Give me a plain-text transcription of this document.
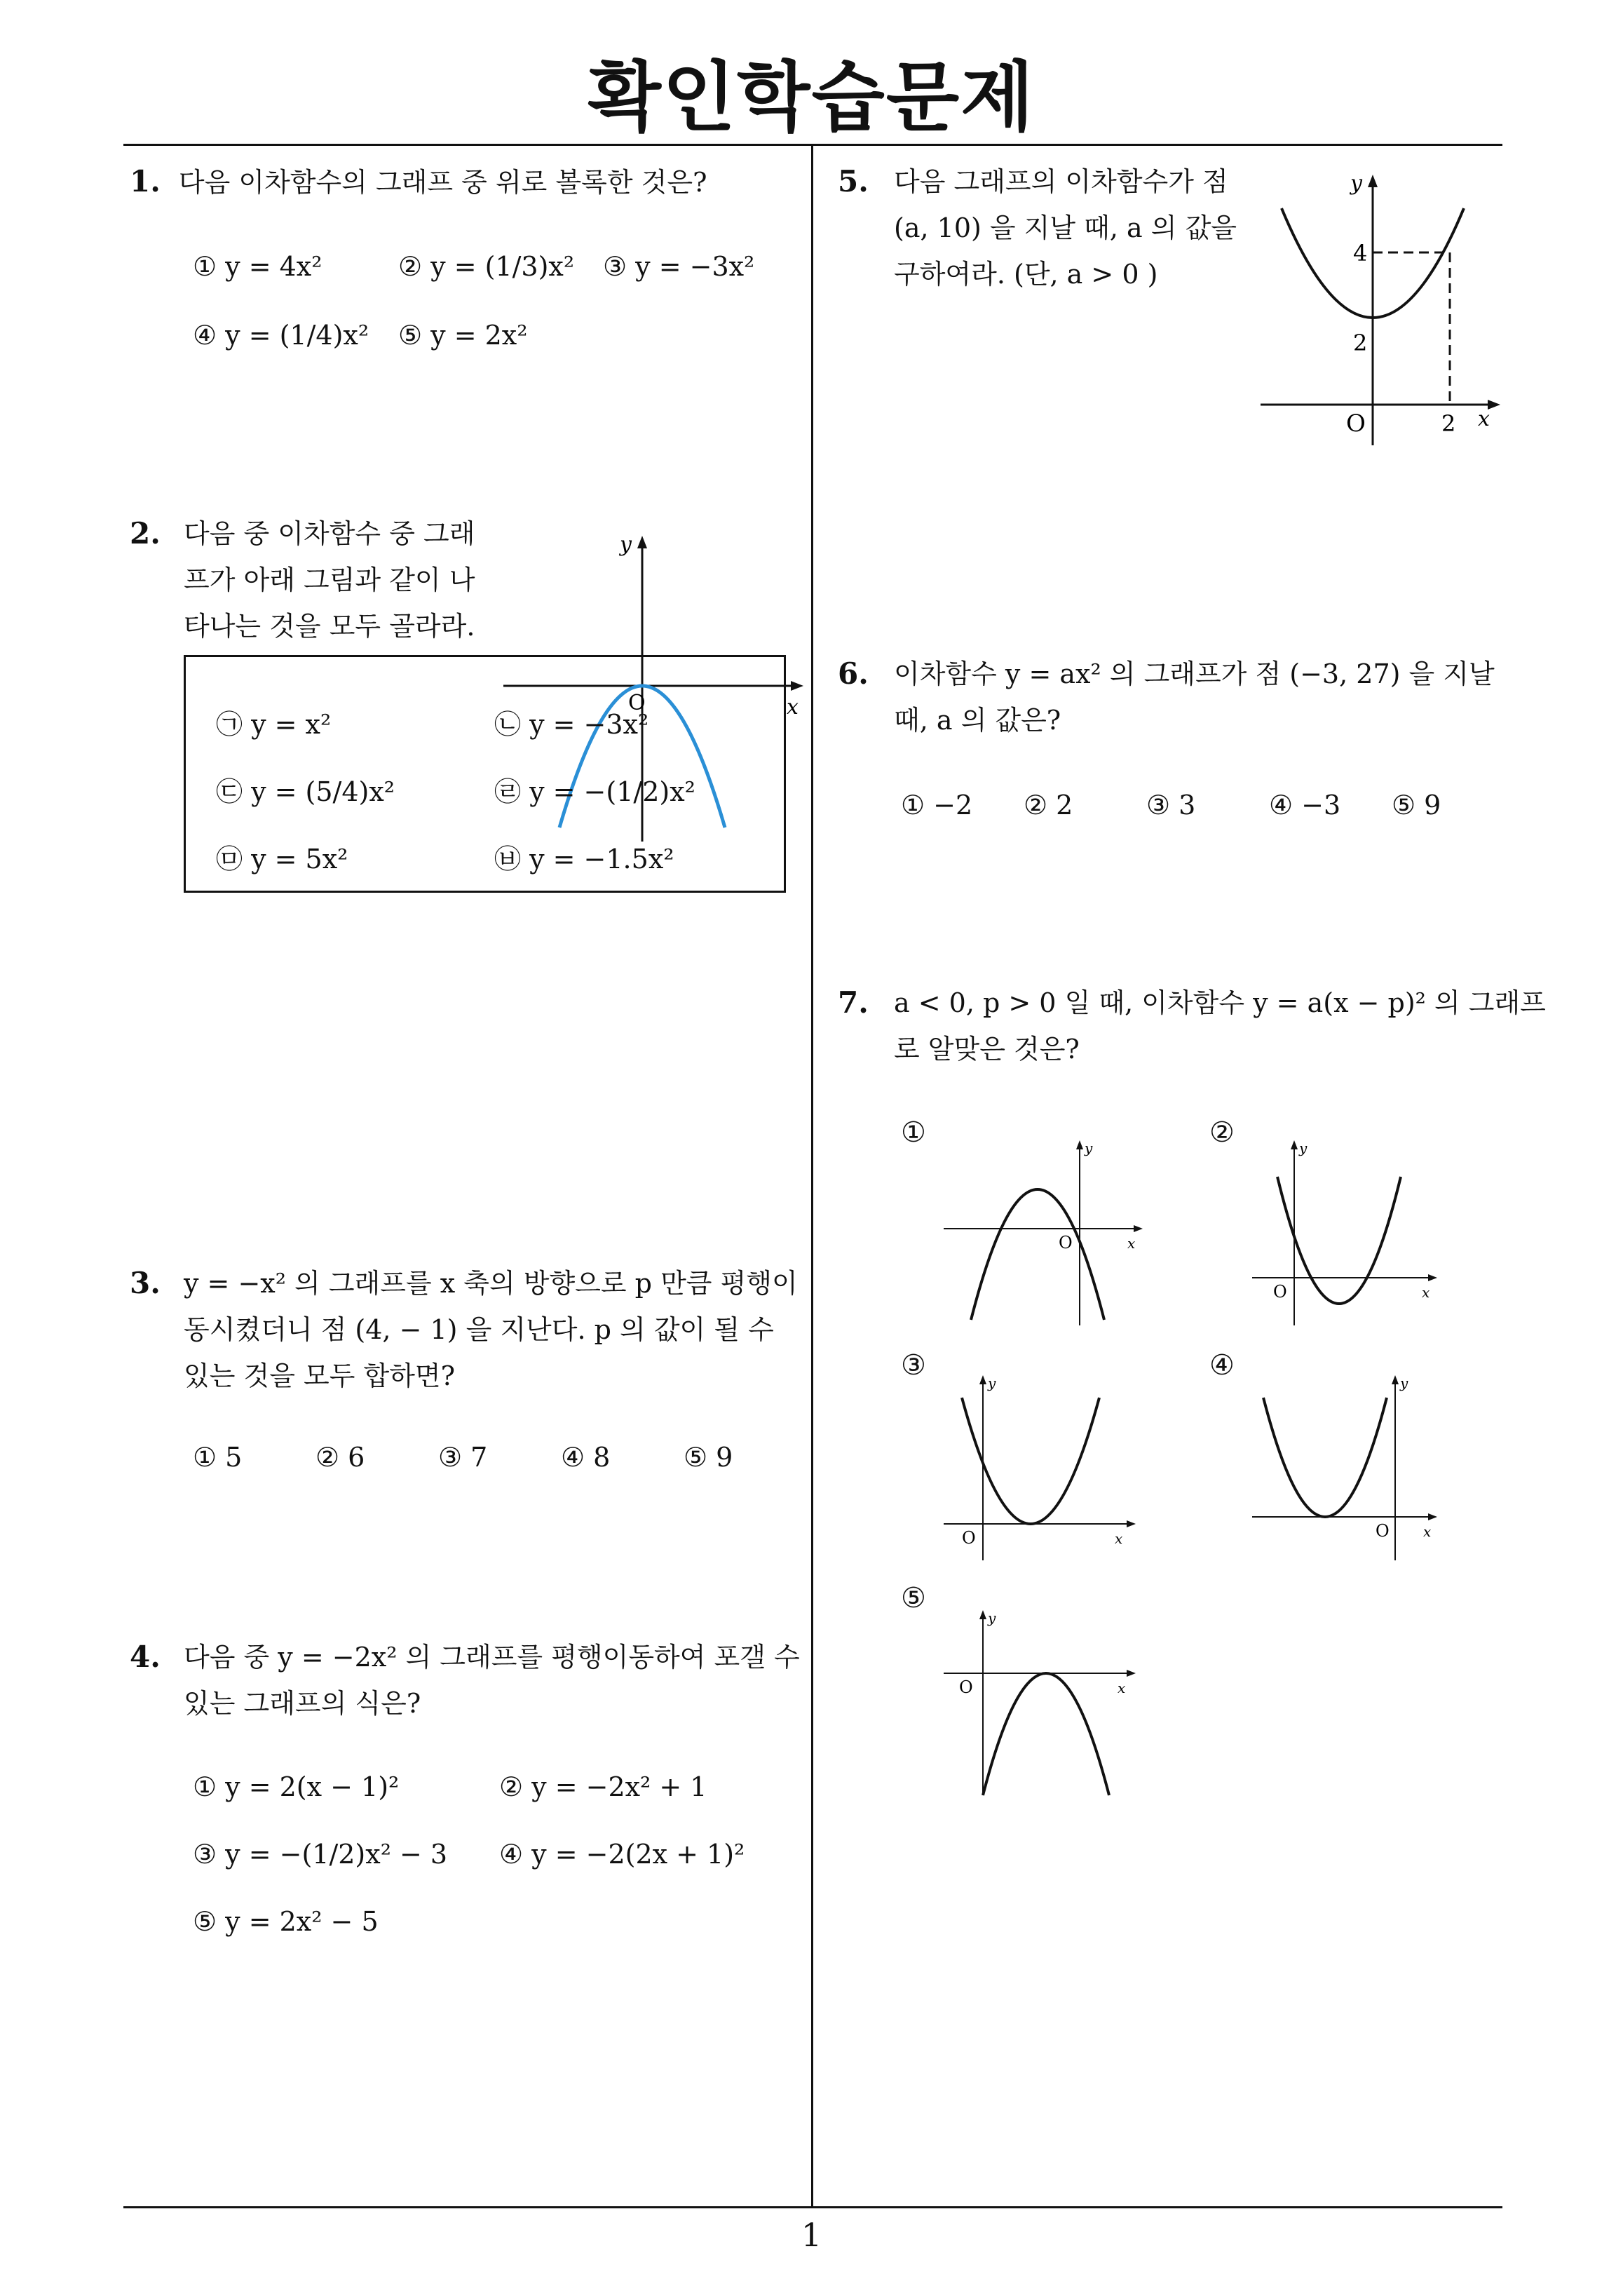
확인학습문제
1
1. 다음 이차함수의 그래프 중 위로 볼록한 것은?
① y = 4x²	② y = (1/3)x² ③ y = −3x²
④ y = (1/4)x² ⑤ y = 2x²
2. 다음 중 이차함수 중 그래
프가 아래 그림과 같이 나
타나는 것을 모두 골라라.
y
x
O
㉠ y = x²	㉡ y = −3x²
㉢ y = (5/4)x²	㉣ y = −(1/2)x²
㉤ y = 5x²	㉥ y = −1.5x²
3. y = −x² 의 그래프를 x 축의 방향으로 p 만큼 평행이
동시켰더니 점 (4, − 1) 을 지난다. p 의 값이 될 수
있는 것을 모두 합하면?
① 5	② 6	③ 7	④ 8	⑤ 9
4. 다음 중 y = −2x² 의 그래프를 평행이동하여 포갤 수
있는 그래프의 식은?
① y = 2(x − 1)²	② y = −2x² + 1
③ y = −(1/2)x² − 3 ④ y = −2(2x + 1)²
⑤ y = 2x² − 5
5. 다음 그래프의 이차함수가 점
(a, 10) 을 지날 때, a 의 값을
구하여라. (단, a > 0 )
y
x
O
4
2
2
6. 이차함수 y = ax² 의 그래프가 점 (−3, 27) 을 지날
때, a 의 값은?
① −2 ② 2	③ 3	④ −3 ⑤ 9
7. a < 0, p > 0 일 때, 이차함수 y = a(x − p)² 의 그래프
로 알맞은 것은?
①	y
x
O
②	y
x
O
③
y
x
O
④
y
x
O
⑤
y
x
O
